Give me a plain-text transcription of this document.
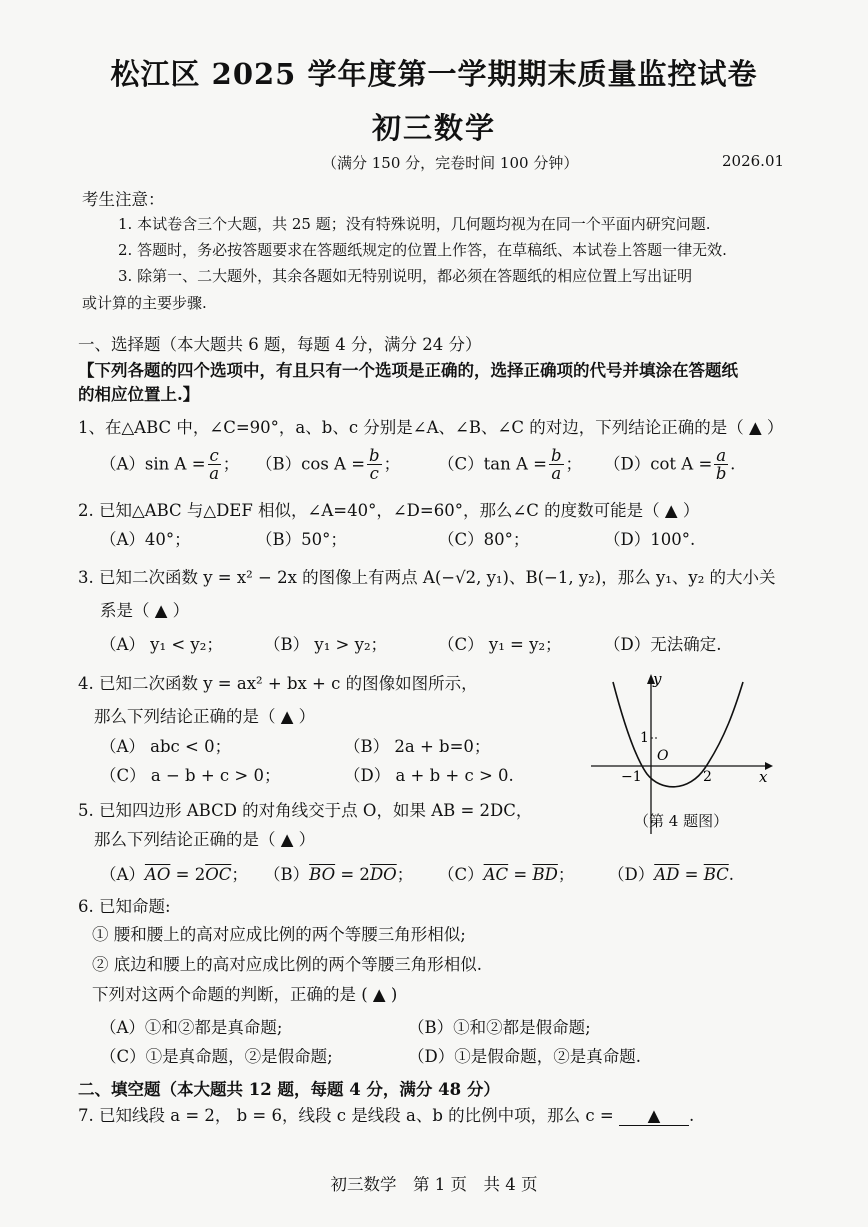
松江区 2025 学年度第一学期期末质量监控试卷
初三数学
（满分 150 分，完卷时间 100 分钟）	2026.01
考生注意：
1. 本试卷含三个大题，共 25 题；没有特殊说明，几何题均视为在同一个平面内研究问题.
2. 答题时，务必按答题要求在答题纸规定的位置上作答，在草稿纸、本试卷上答题一律无效.
3. 除第一、二大题外，其余各题如无特别说明，都必须在答题纸的相应位置上写出证明
或计算的主要步骤.
一、选择题（本大题共 6 题，每题 4 分，满分 24 分）
【下列各题的四个选项中，有且只有一个选项是正确的，选择正确项的代号并填涂在答题纸
的相应位置上.】
1、在△ABC 中，∠C=90°，a、b、c 分别是∠A、∠B、∠C 的对边，下列结论正确的是（ ▲ ）
（A）sin $A = \frac{c}{a}$ ； （B）cos $A = \frac{b}{c}$ ； （C）tan $A = \frac{b}{a}$ ； （D）cot $A = \frac{a}{b}$ .
2. 已知△ABC 与△DEF 相似，∠A=40°，∠D=60°，那么∠C 的度数可能是（ ▲ ）
（A）40°；	（B）50°；	（C）80°；	（D）100°.
3. 已知二次函数 y = x² − 2x 的图像上有两点 A(−√2, y₁)、B(−1, y₂)，那么 y₁、y₂ 的大小关
系是（ ▲ ）
（A） y₁ < y₂； （B） y₁ > y₂；	（C） y₁ = y₂；	（D）无法确定.
4. 已知二次函数 y = ax² + bx + c 的图像如图所示，
那么下列结论正确的是（ ▲ ）
（A） abc < 0；	（B） 2a + b=0；
（C） a − b + c > 0；	（D） a + b + c > 0.
y
x
O
−1	2
1
（第 4 题图）
5. 已知四边形 ABCD 的对角线交于点 O，如果 AB = 2DC，
那么下列结论正确的是（ ▲ ）
$(A)\overline{AO} = 2\overline{OC}$； $(B)\overline{BO} = 2\overline{DO}$； $(C)\overline{AC} = \overline{BD}$； $(D)\overline{AD} = \overline{BC}$.
6. 已知命题:
① 腰和腰上的高对应成比例的两个等腰三角形相似;
② 底边和腰上的高对应成比例的两个等腰三角形相似.
下列对这两个命题的判断，正确的是 ( ▲ )
（A）①和②都是真命题;	（B）①和②都是假命题;
（C）①是真命题，②是假命题;	（D）①是假命题，②是真命题.
二、填空题（本大题共 12 题，每题 4 分，满分 48 分）
7. 已知线段 a = 2， b = 6，线段 c 是线段 a、b 的比例中项，那么 c = ▲ .
初三数学　第 1 页　共 4 页
